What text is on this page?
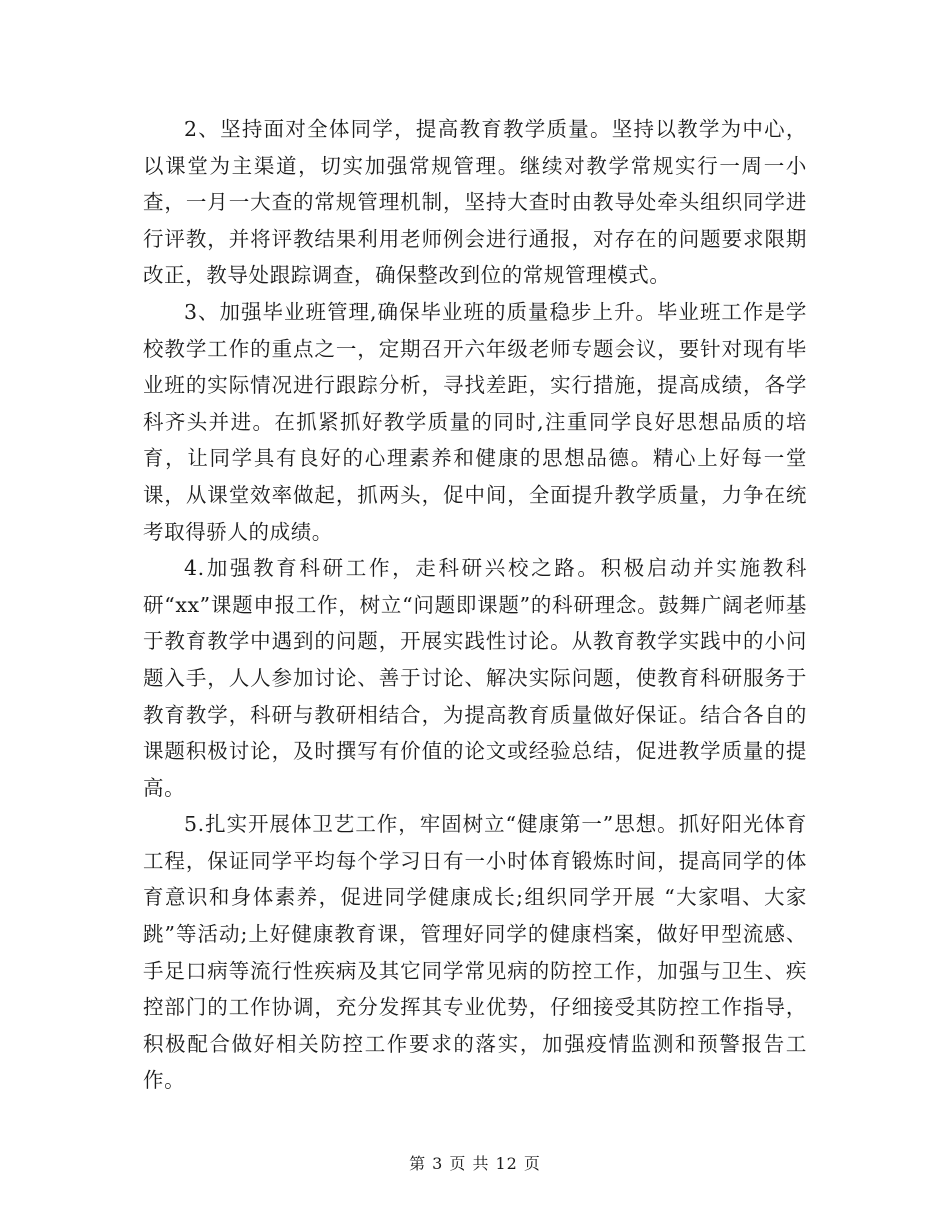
2、坚持面对全体同学，提高教育教学质量。坚持以教学为中心，以课堂为主渠道，切实加强常规管理。继续对教学常规实行一周一小查，一月一大查的常规管理机制，坚持大查时由教导处牵头组织同学进行评教，并将评教结果利用老师例会进行通报，对存在的问题要求限期改正，教导处跟踪调查，确保整改到位的常规管理模式。

3、加强毕业班管理,确保毕业班的质量稳步上升。毕业班工作是学校教学工作的重点之一，定期召开六年级老师专题会议，要针对现有毕业班的实际情况进行跟踪分析，寻找差距，实行措施，提高成绩，各学科齐头并进。在抓紧抓好教学质量的同时,注重同学良好思想品质的培育，让同学具有良好的心理素养和健康的思想品德。精心上好每一堂课，从课堂效率做起，抓两头，促中间，全面提升教学质量，力争在统考取得骄人的成绩。

4.加强教育科研工作，走科研兴校之路。积极启动并实施教科研“xx”课题申报工作，树立“问题即课题”的科研理念。鼓舞广阔老师基于教育教学中遇到的问题，开展实践性讨论。从教育教学实践中的小问题入手，人人参加讨论、善于讨论、解决实际问题，使教育科研服务于教育教学，科研与教研相结合，为提高教育质量做好保证。结合各自的课题积极讨论，及时撰写有价值的论文或经验总结，促进教学质量的提高。

5.扎实开展体卫艺工作，牢固树立“健康第一”思想。抓好阳光体育工程，保证同学平均每个学习日有一小时体育锻炼时间，提高同学的体育意识和身体素养，促进同学健康成长;组织同学开展 “大家唱、大家跳”等活动;上好健康教育课，管理好同学的健康档案，做好甲型流感、手足口病等流行性疾病及其它同学常见病的防控工作，加强与卫生、疾控部门的工作协调，充分发挥其专业优势，仔细接受其防控工作指导，积极配合做好相关防控工作要求的落实，加强疫情监测和预警报告工作。

第 3 页 共 12 页
